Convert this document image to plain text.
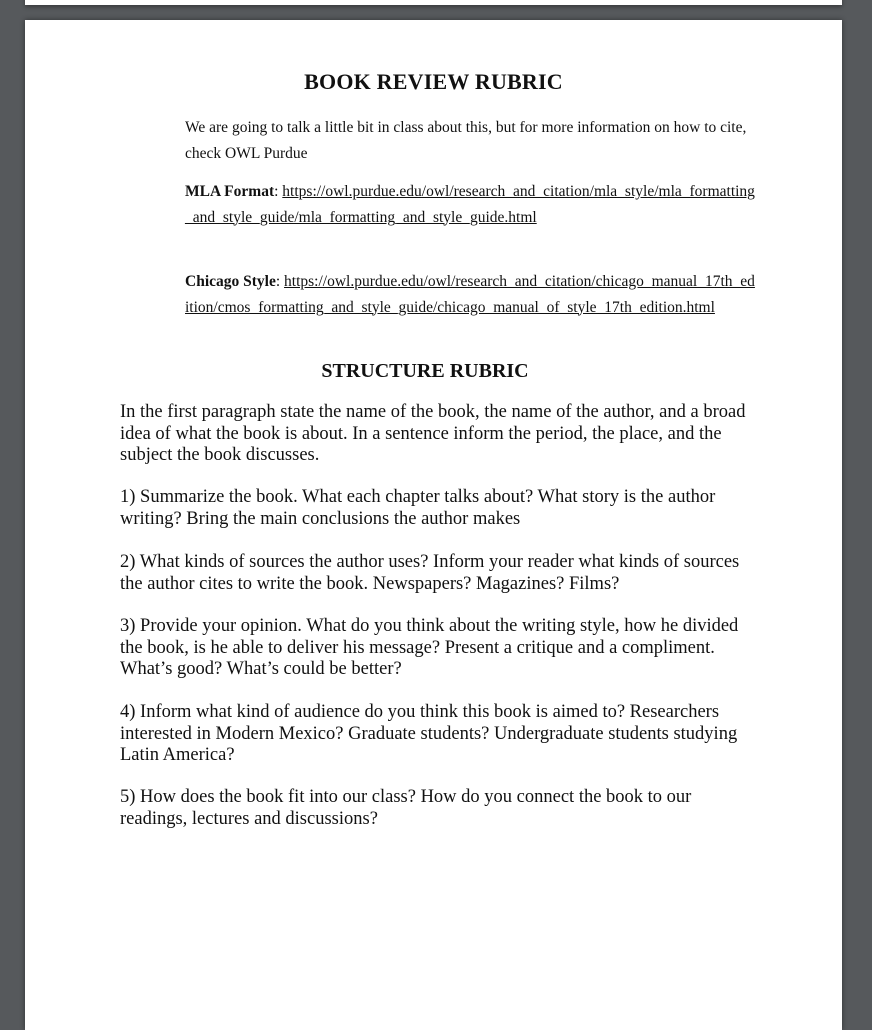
BOOK REVIEW RUBRIC

We are going to talk a little bit in class about this, but for more information on how to cite, check OWL Purdue

MLA Format: https://owl.purdue.edu/owl/research_and_citation/mla_style/mla_formatting_and_style_guide/mla_formatting_and_style_guide.html

Chicago Style: https://owl.purdue.edu/owl/research_and_citation/chicago_manual_17th_edition/cmos_formatting_and_style_guide/chicago_manual_of_style_17th_edition.html

STRUCTURE RUBRIC

In the first paragraph state the name of the book, the name of the author, and a broad idea of what the book is about. In a sentence inform the period, the place, and the subject the book discusses.

1) Summarize the book. What each chapter talks about? What story is the author writing? Bring the main conclusions the author makes

2) What kinds of sources the author uses? Inform your reader what kinds of sources the author cites to write the book. Newspapers? Magazines? Films?

3) Provide your opinion. What do you think about the writing style, how he divided the book, is he able to deliver his message? Present a critique and a compliment. What’s good? What’s could be better?

4) Inform what kind of audience do you think this book is aimed to? Researchers interested in Modern Mexico? Graduate students? Undergraduate students studying Latin America?

5) How does the book fit into our class? How do you connect the book to our readings, lectures and discussions?
